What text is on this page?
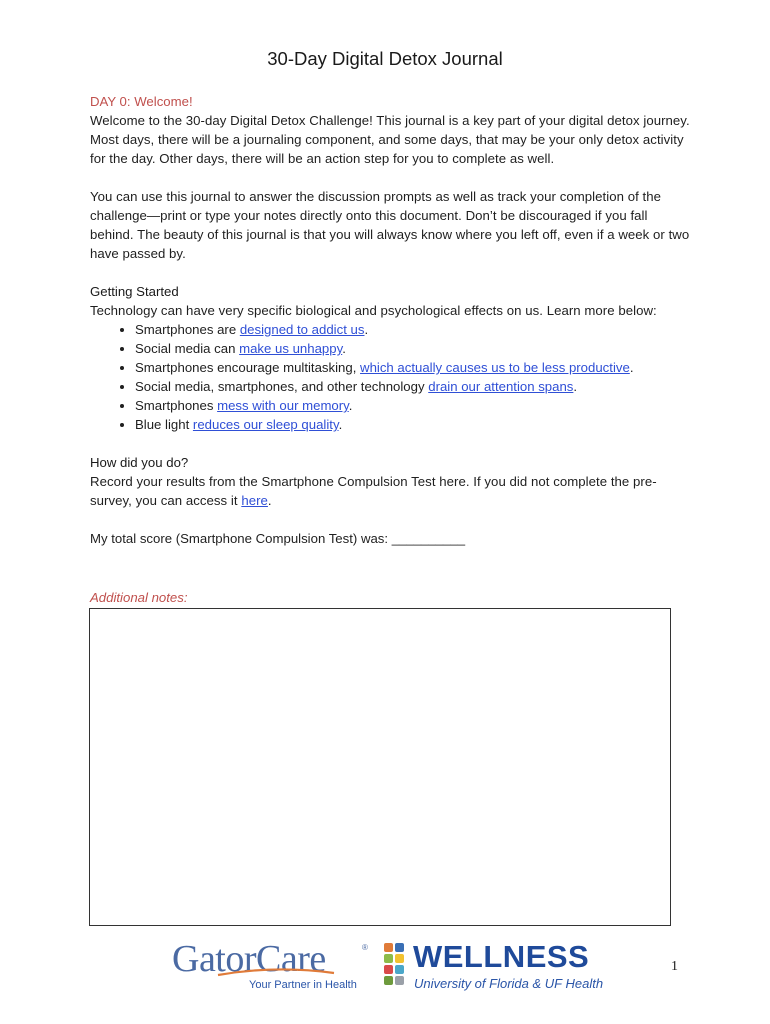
30-Day Digital Detox Journal

DAY 0: Welcome!

Welcome to the 30-day Digital Detox Challenge! This journal is a key part of your digital detox journey. Most days, there will be a journaling component, and some days, that may be your only detox activity for the day. Other days, there will be an action step for you to complete as well.

You can use this journal to answer the discussion prompts as well as track your completion of the challenge—print or type your notes directly onto this document. Don’t be discouraged if you fall behind. The beauty of this journal is that you will always know where you left off, even if a week or two have passed by.

Getting Started

Technology can have very specific biological and psychological effects on us. Learn more below:

• Smartphones are designed to addict us.
• Social media can make us unhappy.
• Smartphones encourage multitasking, which actually causes us to be less productive.
• Social media, smartphones, and other technology drain our attention spans.
• Smartphones mess with our memory.
• Blue light reduces our sleep quality.

How did you do?

Record your results from the Smartphone Compulsion Test here. If you did not complete the pre-survey, you can access it here.

My total score (Smartphone Compulsion Test) was: __________

Additional notes:

GatorCare	®
Your Partner in Health
WELLNESS
University of Florida & UF Health
1
